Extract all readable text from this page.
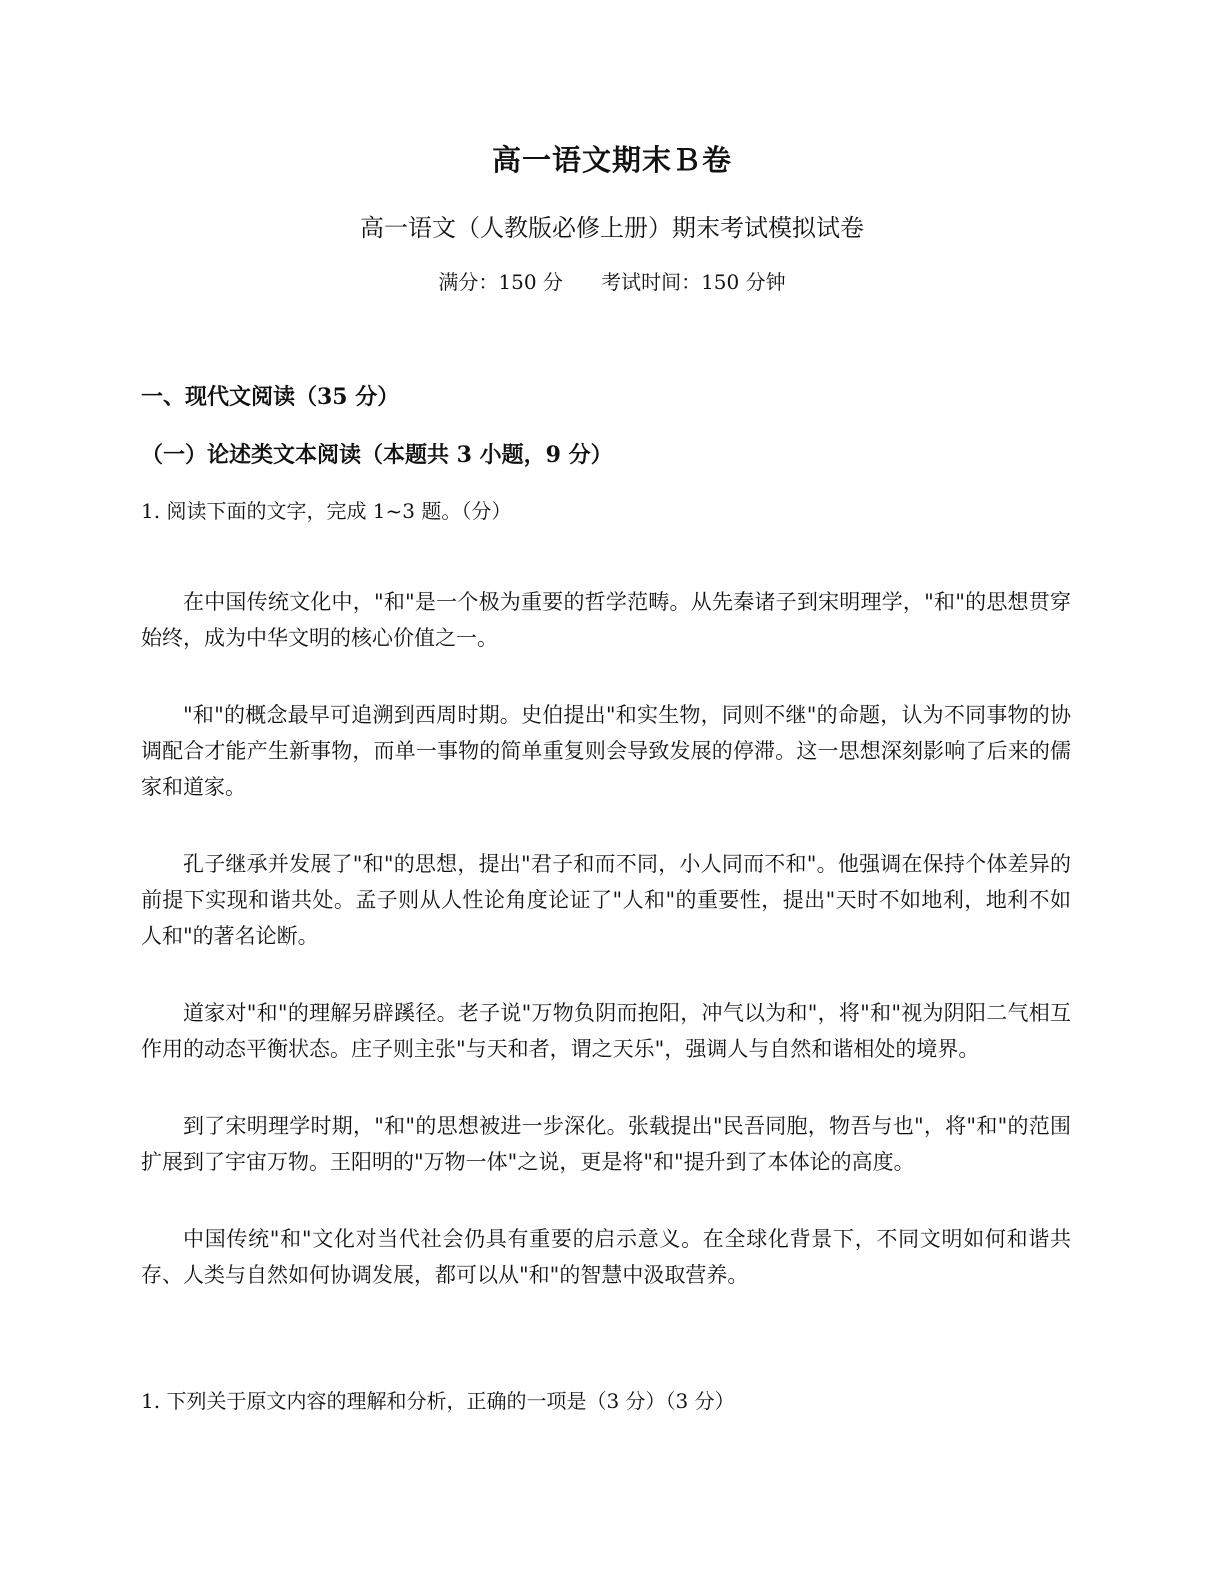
高一语文期末Ｂ卷
高一语文（人教版必修上册）期末考试模拟试卷
满分：150 分      考试时间：150 分钟
一、现代文阅读（35 分）
（一）论述类文本阅读（本题共 3 小题，9 分）
1. 阅读下面的文字，完成 1~3 题。（分）

在中国传统文化中，"和"是一个极为重要的哲学范畴。从先秦诸子到宋明理学，"和"的思想贯穿始终，成为中华文明的核心价值之一。

"和"的概念最早可追溯到西周时期。史伯提出"和实生物，同则不继"的命题，认为不同事物的协调配合才能产生新事物，而单一事物的简单重复则会导致发展的停滞。这一思想深刻影响了后来的儒家和道家。

孔子继承并发展了"和"的思想，提出"君子和而不同，小人同而不和"。他强调在保持个体差异的前提下实现和谐共处。孟子则从人性论角度论证了"人和"的重要性，提出"天时不如地利，地利不如人和"的著名论断。

道家对"和"的理解另辟蹊径。老子说"万物负阴而抱阳，冲气以为和"，将"和"视为阴阳二气相互作用的动态平衡状态。庄子则主张"与天和者，谓之天乐"，强调人与自然和谐相处的境界。

到了宋明理学时期，"和"的思想被进一步深化。张载提出"民吾同胞，物吾与也"，将"和"的范围扩展到了宇宙万物。王阳明的"万物一体"之说，更是将"和"提升到了本体论的高度。

中国传统"和"文化对当代社会仍具有重要的启示意义。在全球化背景下，不同文明如何和谐共存、人类与自然如何协调发展，都可以从"和"的智慧中汲取营养。

1. 下列关于原文内容的理解和分析，正确的一项是（3 分）（3 分）
